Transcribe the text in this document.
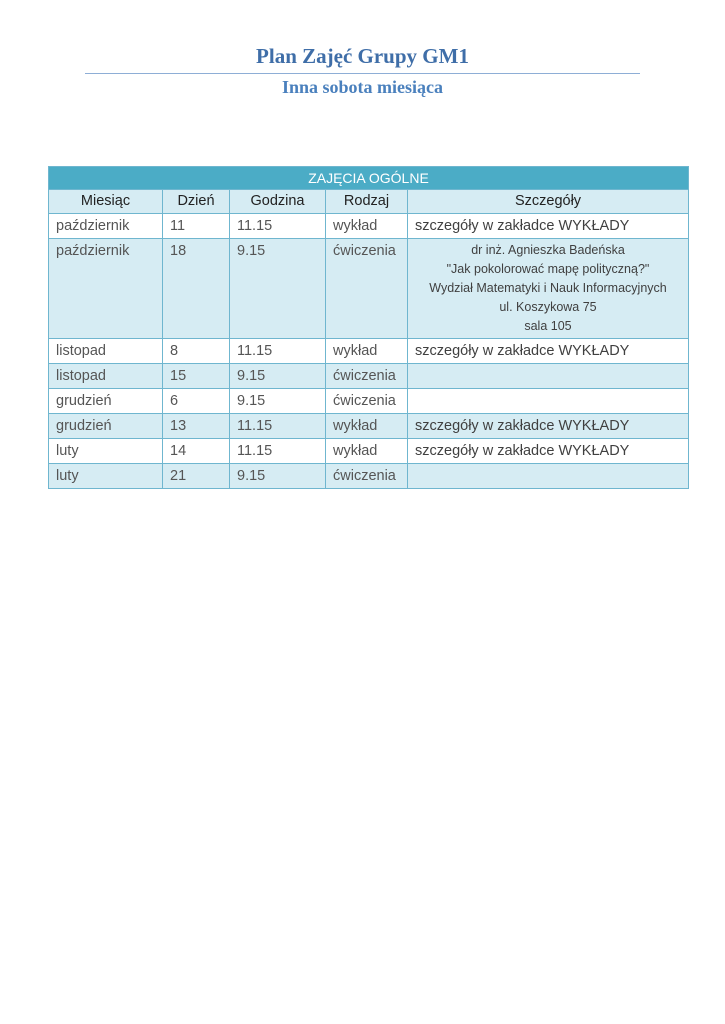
Plan Zajęć Grupy GM1
Inna sobota miesiąca
ZAJĘCIA OGÓLNE				
Miesiąc	Dzień	Godzina	Rodzaj	Szczegóły
październik	11	11.15	wykład	szczegóły w zakładce WYKŁADY
październik	18	9.15	ćwiczenia	dr inż. Agnieszka Badeńska
"Jak pokolorować mapę polityczną?"
Wydział Matematyki i Nauk Informacyjnych
ul. Koszykowa 75
sala 105

listopad	8	11.15	wykład	szczegóły w zakładce WYKŁADY
listopad	15	9.15	ćwiczenia	
grudzień	6	9.15	ćwiczenia	
grudzień	13	11.15	wykład	szczegóły w zakładce WYKŁADY
luty	14	11.15	wykład	szczegóły w zakładce WYKŁADY
luty	21	9.15	ćwiczenia	
